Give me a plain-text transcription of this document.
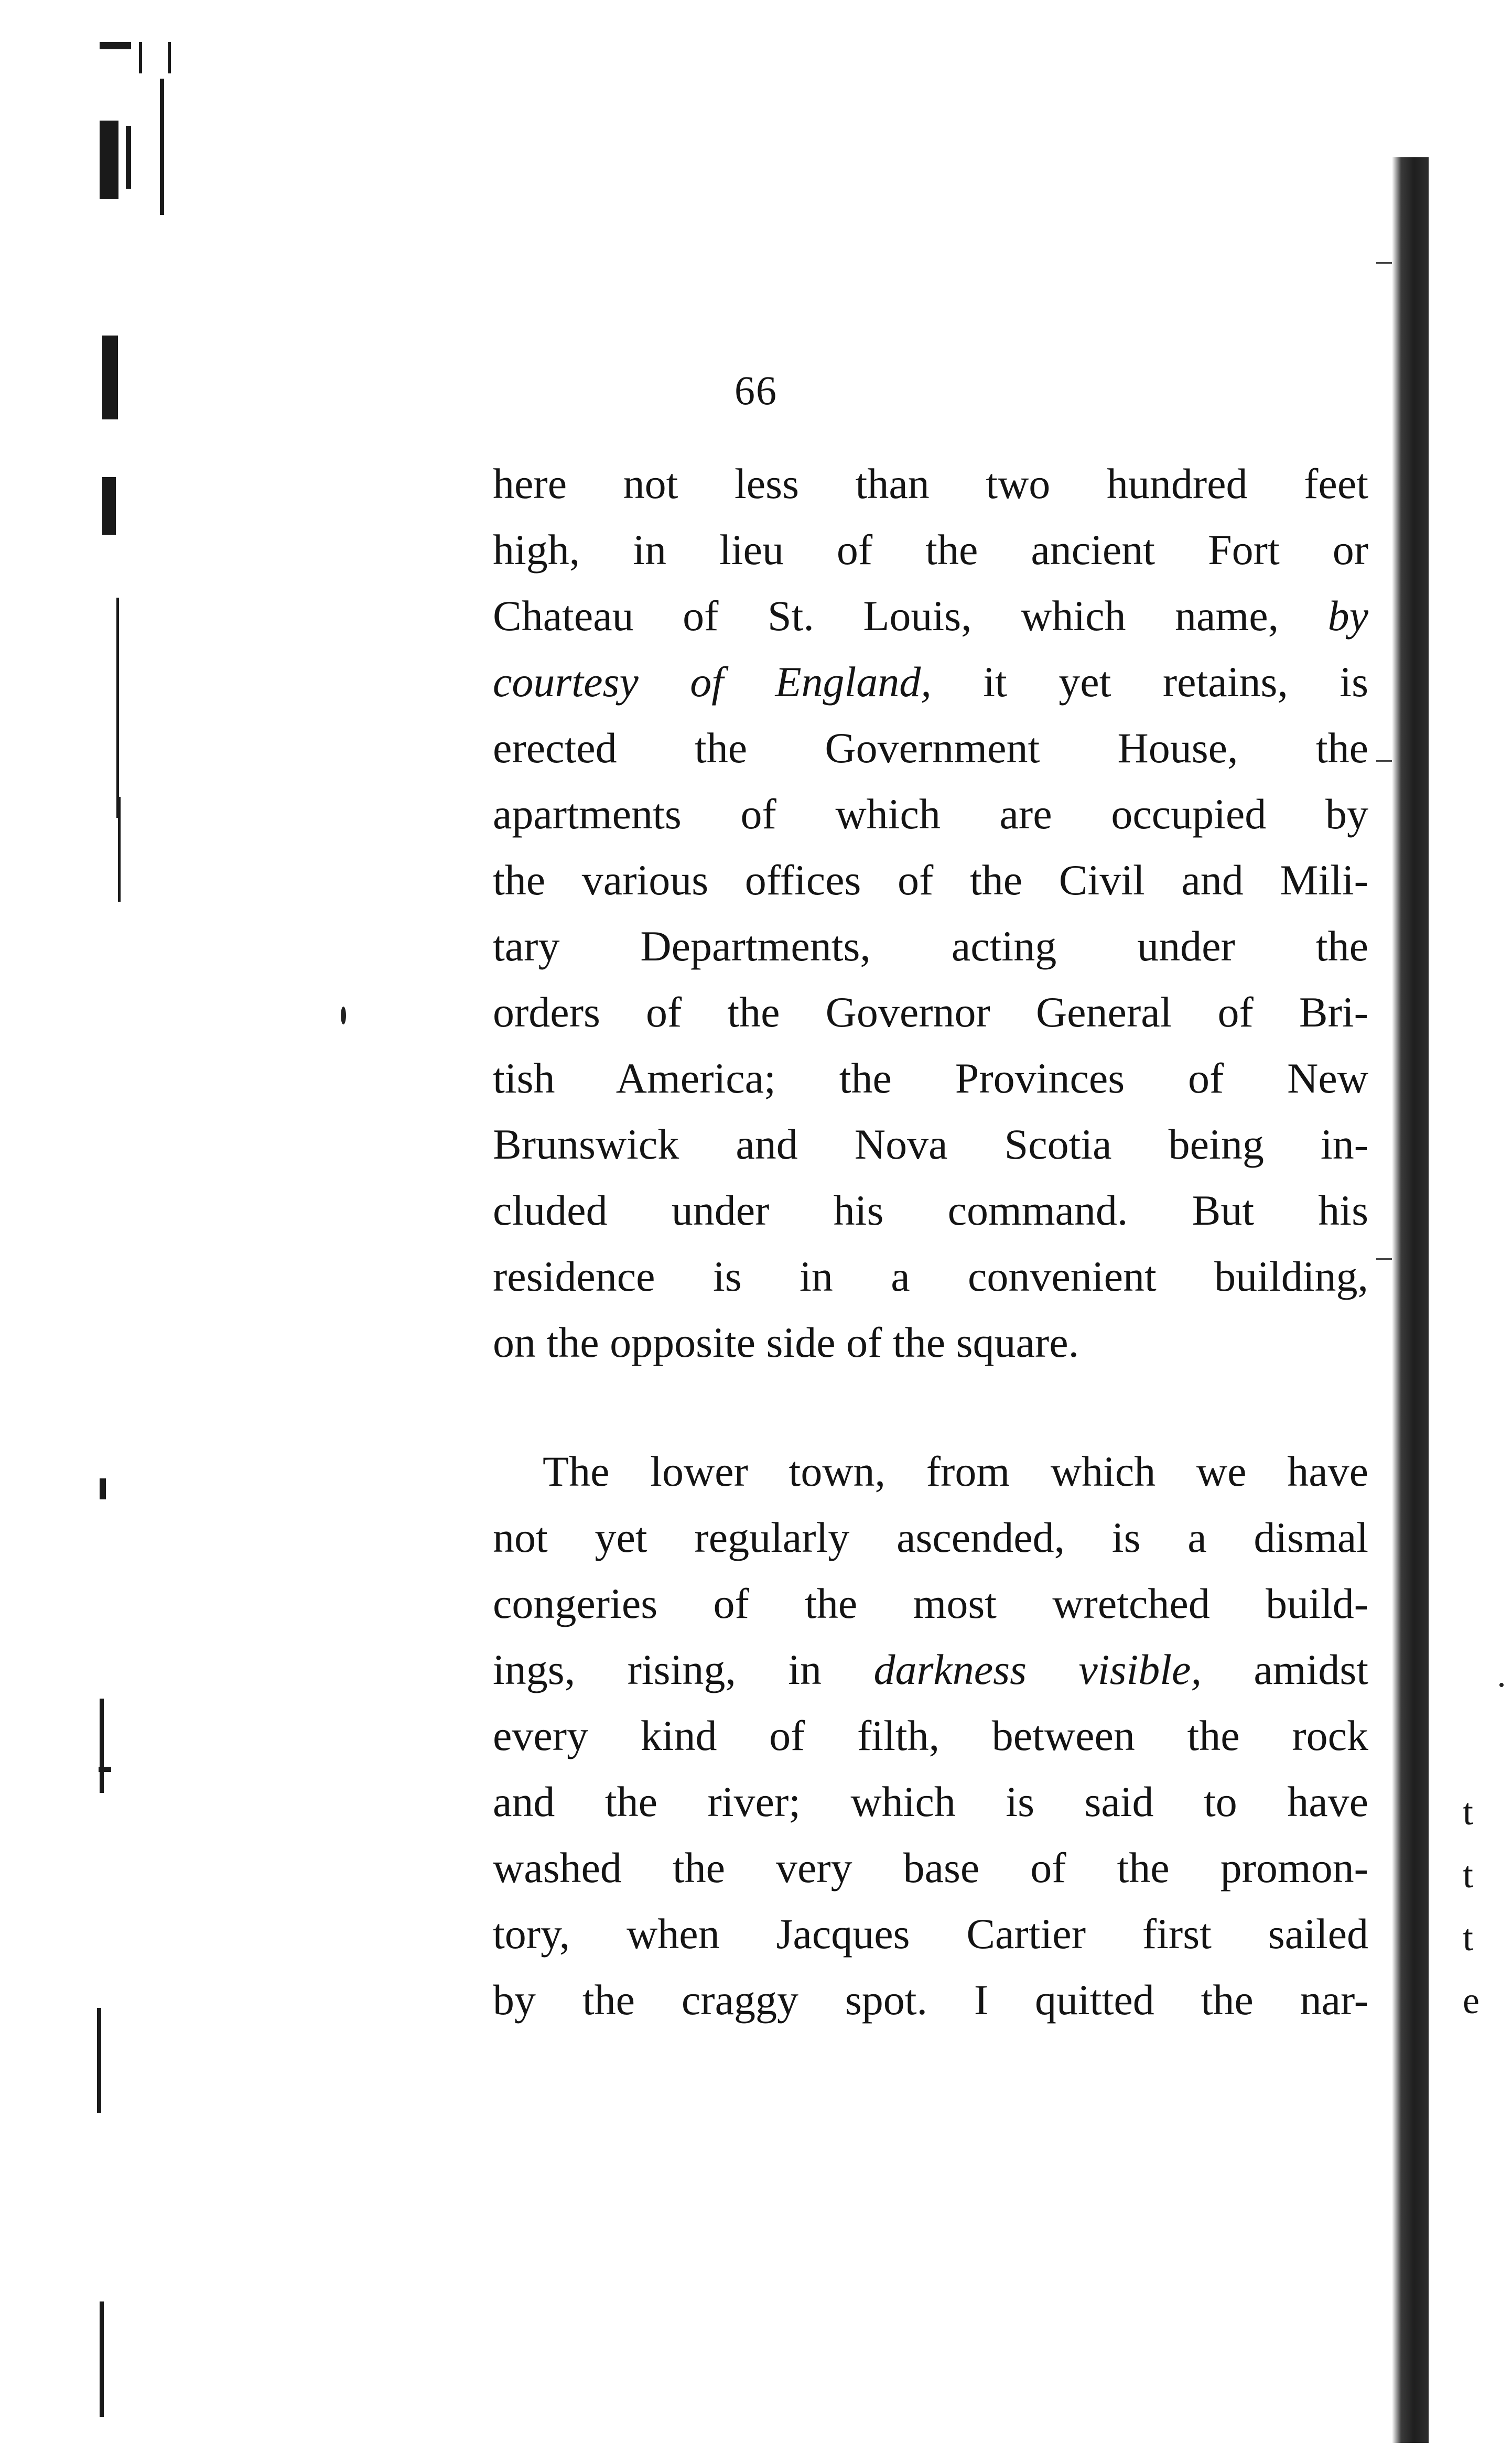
t
t
t
e
66
here not less than two hundred feet
high, in lieu of the ancient Fort or
Chateau of St. Louis, which name, by
courtesy of England, it yet retains, is
erected the Government House, the
apartments of which are occupied by
the various offices of the Civil and Mili-
tary Departments, acting under the
orders of the Governor General of Bri-
tish America; the Provinces of New
Brunswick and Nova Scotia being in-
cluded under his command. But his
residence is in a convenient building,
on the opposite side of the square.
The lower town, from which we have
not yet regularly ascended, is a dismal
congeries of the most wretched build-
ings, rising, in darkness visible, amidst
every kind of filth, between the rock
and the river; which is said to have
washed the very base of the promon-
tory, when Jacques Cartier first sailed
by the craggy spot. I quitted the nar-
